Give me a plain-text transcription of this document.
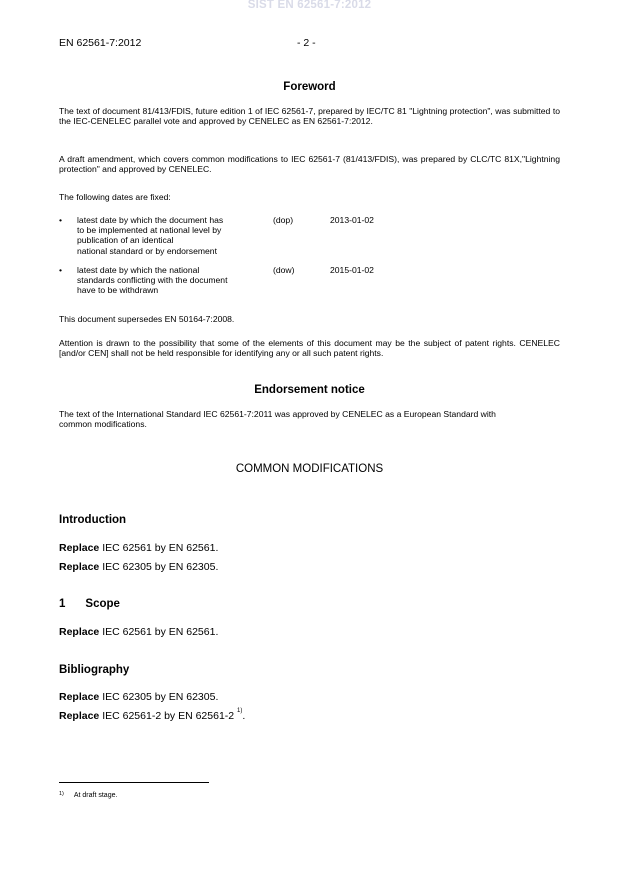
SIST EN 62561-7:2012
EN 62561-7:2012	- 2 -
Foreword
The text of document 81/413/FDIS, future edition 1 of IEC 62561-7, prepared by IEC/TC 81 "Lightning protection", was submitted to the IEC-CENELEC parallel vote and approved by CENELEC as EN 62561-7:2012.
A draft amendment, which covers common modifications to IEC 62561-7 (81/413/FDIS), was prepared by CLC/TC 81X,"Lightning protection" and approved by CENELEC.
The following dates are fixed:
• latest date by which the document has
to be implemented at national level by
publication of an identical
national standard or by endorsement
(dop)	2013-01-02
• latest date by which the national
standards conflicting with the document
have to be withdrawn
(dow)	2015-01-02
This document supersedes EN 50164-7:2008.
Attention is drawn to the possibility that some of the elements of this document may be the subject of patent rights. CENELEC [and/or CEN] shall not be held responsible for identifying any or all such patent rights.
Endorsement notice
The text of the International Standard IEC 62561-7:2011 was approved by CENELEC as a European Standard with common modifications.
COMMON MODIFICATIONS
Introduction
Replace IEC 62561 by EN 62561.
Replace IEC 62305 by EN 62305.
1 Scope
Replace IEC 62561 by EN 62561.
Bibliography
Replace IEC 62305 by EN 62305.
Replace IEC 62561-2 by EN 62561-2 $^{1)}$.
$^{1)}$ At draft stage.
